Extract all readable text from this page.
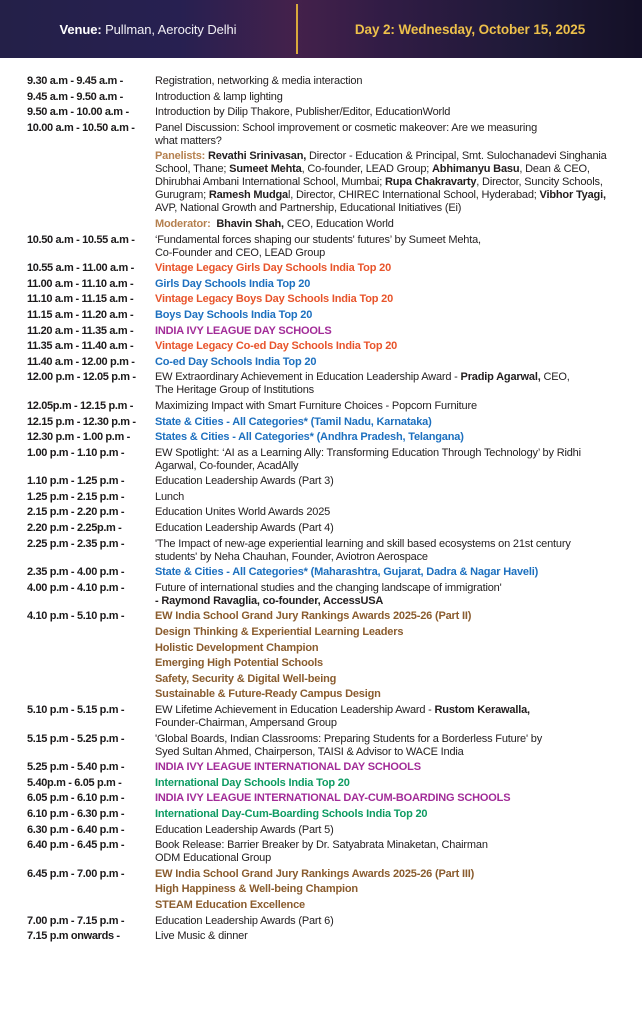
Venue: Pullman, Aerocity Delhi	Day 2: Wednesday, October 15, 2025
9.30 a.m - 9.45 a.m -	Registration, networking & media interaction
9.45 a.m - 9.50 a.m -	Introduction & lamp lighting
9.50 a.m - 10.00 a.m -	Introduction by Dilip Thakore, Publisher/Editor, EducationWorld
10.00 a.m - 10.50 a.m -	Panel Discussion: School improvement or cosmetic makeover: Are we measuring
what matters?
Panelists: Revathi Srinivasan, Director - Education & Principal, Smt. Sulochanadevi Singhania
School, Thane; Sumeet Mehta, Co-founder, LEAD Group; Abhimanyu Basu, Dean & CEO,
Dhirubhai Ambani International School, Mumbai; Rupa Chakravarty, Director, Suncity Schools,
Gurugram; Ramesh Mudgal, Director, CHIREC International School, Hyderabad; Vibhor Tyagi,
AVP, National Growth and Partnership, Educational Initiatives (Ei)
Moderator:  Bhavin Shah, CEO, Education World
10.50 a.m - 10.55 a.m -	‘Fundamental forces shaping our students' futures’ by Sumeet Mehta,
Co-Founder and CEO, LEAD Group
10.55 a.m - 11.00 a.m -	Vintage Legacy Girls Day Schools India Top 20
11.00 a.m - 11.10 a.m -	Girls Day Schools India Top 20
11.10 a.m - 11.15 a.m -	Vintage Legacy Boys Day Schools India Top 20
11.15 a.m - 11.20 a.m -	Boys Day Schools India Top 20
11.20 a.m - 11.35 a.m -	INDIA IVY LEAGUE DAY SCHOOLS
11.35 a.m - 11.40 a.m -	Vintage Legacy Co-ed Day Schools India Top 20
11.40 a.m - 12.00 p.m -	Co-ed Day Schools India Top 20
12.00 p.m - 12.05 p.m -	EW Extraordinary Achievement in Education Leadership Award - Pradip Agarwal, CEO,
The Heritage Group of Institutions
12.05p.m - 12.15 p.m -	Maximizing Impact with Smart Furniture Choices - Popcorn Furniture
12.15 p.m - 12.30 p.m -	State & Cities - All Categories* (Tamil Nadu, Karnataka)
12.30 p.m - 1.00 p.m -	States & Cities - All Categories* (Andhra Pradesh, Telangana)
1.00 p.m - 1.10 p.m -	EW Spotlight: ‘AI as a Learning Ally: Transforming Education Through Technology’ by Ridhi
Agarwal, Co-founder, AcadAlly
1.10 p.m - 1.25 p.m -	Education Leadership Awards (Part 3)
1.25 p.m - 2.15 p.m -	Lunch
2.15 p.m - 2.20 p.m -	Education Unites World Awards 2025
2.20 p.m - 2.25p.m -	Education Leadership Awards (Part 4)
2.25 p.m - 2.35 p.m -	'The Impact of new-age experiential learning and skill based ecosystems on 21st century
students' by Neha Chauhan, Founder, Aviotron Aerospace
2.35 p.m - 4.00 p.m -	State & Cities - All Categories* (Maharashtra, Gujarat, Dadra & Nagar Haveli)
4.00 p.m - 4.10 p.m -	Future of international studies and the changing landscape of immigration'
- Raymond Ravaglia, co-founder, AccessUSA
4.10 p.m - 5.10 p.m -	EW India School Grand Jury Rankings Awards 2025-26 (Part II)
Design Thinking & Experiential Learning Leaders
Holistic Development Champion
Emerging High Potential Schools
Safety, Security & Digital Well-being
Sustainable & Future-Ready Campus Design
5.10 p.m - 5.15 p.m -	EW Lifetime Achievement in Education Leadership Award - Rustom Kerawalla,
Founder-Chairman, Ampersand Group
5.15 p.m - 5.25 p.m -	'Global Boards, Indian Classrooms: Preparing Students for a Borderless Future' by
Syed Sultan Ahmed, Chairperson, TAISI & Advisor to WACE India
5.25 p.m - 5.40 p.m -	INDIA IVY LEAGUE INTERNATIONAL DAY SCHOOLS
5.40p.m - 6.05 p.m -	International Day Schools India Top 20
6.05 p.m - 6.10 p.m -	INDIA IVY LEAGUE INTERNATIONAL DAY-CUM-BOARDING SCHOOLS
6.10 p.m - 6.30 p.m -	International Day-Cum-Boarding Schools India Top 20
6.30 p.m - 6.40 p.m -	Education Leadership Awards (Part 5)
6.40 p.m - 6.45 p.m -	Book Release: Barrier Breaker by Dr. Satyabrata Minaketan, Chairman
ODM Educational Group
6.45 p.m - 7.00 p.m -	EW India School Grand Jury Rankings Awards 2025-26 (Part III)
High Happiness & Well-being Champion
STEAM Education Excellence
7.00 p.m - 7.15 p.m -	Education Leadership Awards (Part 6)
7.15 p.m onwards -	Live Music & dinner
